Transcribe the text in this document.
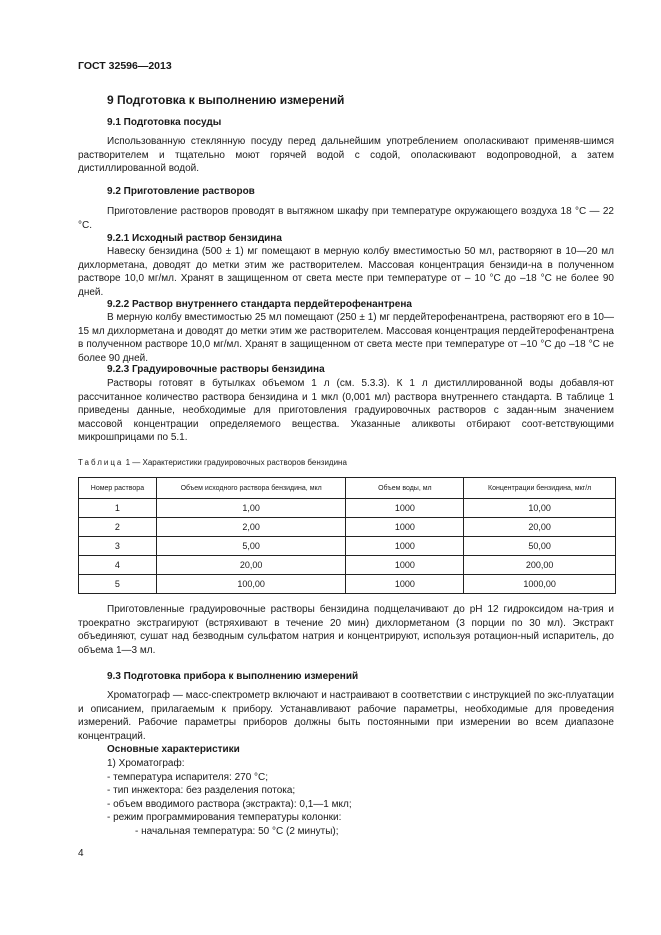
ГОСТ 32596—2013
9 Подготовка к выполнению измерений
9.1 Подготовка посуды

Использованную стеклянную посуду перед дальнейшим употреблением ополаскивают применяв-шимся растворителем и тщательно моют горячей водой с содой, ополаскивают водопроводной, а затем дистиллированной водой.

9.2 Приготовление растворов

Приготовление растворов проводят в вытяжном шкафу при температуре окружающего воздуха 18 °С — 22 °С.

9.2.1 Исходный раствор бензидина

Навеску бензидина (500 ± 1) мг помещают в мерную колбу вместимостью 50 мл, растворяют в 10—20 мл дихлорметана, доводят до метки этим же растворителем. Массовая концентрация бензиди-на в полученном растворе 10,0 мг/мл. Хранят в защищенном от света месте при температуре от – 10 °С до –18 °С не более 90 дней.

9.2.2 Раствор внутреннего стандарта пердейтерофенантрена

В мерную колбу вместимостью 25 мл помещают (250 ± 1) мг пердейтерофенантрена, растворяют его в 10—15 мл дихлорметана и доводят до метки этим же растворителем. Массовая концентрация пердейтерофенантрена в полученном растворе 10,0 мг/мл. Хранят в защищенном от света месте при температуре от –10 °С до –18 °С не более 90 дней.

9.2.3 Градуировочные растворы бензидина

Растворы готовят в бутылках объемом 1 л (см. 5.3.3). К 1 л дистиллированной воды добавля-ют рассчитанное количество раствора бензидина и 1 мкл (0,001 мл) раствора внутреннего стандарта. В таблице 1 приведены данные, необходимые для приготовления градуировочных растворов с задан-ным значением массовой концентрации определяемого вещества. Указанные аликвоты отбирают соот-ветствующими микрошприцами по 5.1.

Таблица 1 — Характеристики градуировочных растворов бензидина
Номер раствора	Объем исходного раствора бензидина, мкл	Объем воды, мл	Концентрации бензидина, мкг/л
1	1,00	1000	10,00
2	2,00	1000	20,00
3	5,00	1000	50,00
4	20,00	1000	200,00
5	100,00	1000	1000,00

Приготовленные градуировочные растворы бензидина подщелачивают до рН 12 гидроксидом на-трия и троекратно экстрагируют (встряхивают в течение 20 мин) дихлорметаном (3 порции по 30 мл). Экстракт объединяют, сушат над безводным сульфатом натрия и концентрируют, используя ротацион-ный испаритель, до объема 1—3 мл.

9.3 Подготовка прибора к выполнению измерений

Хроматограф — масс-спектрометр включают и настраивают в соответствии с инструкцией по экс-плуатации и описанием, прилагаемым к прибору. Устанавливают рабочие параметры, необходимые для проведения измерений. Рабочие параметры приборов должны быть постоянными при измерении во всем диапазоне концентраций.

Основные характеристики
1) Хроматограф:
- температура испарителя: 270 °С;
- тип инжектора: без разделения потока;
- объем вводимого раствора (экстракта): 0,1—1 мкл;
- режим программирования температуры колонки:
- начальная температура: 50 °С (2 минуты);
4
